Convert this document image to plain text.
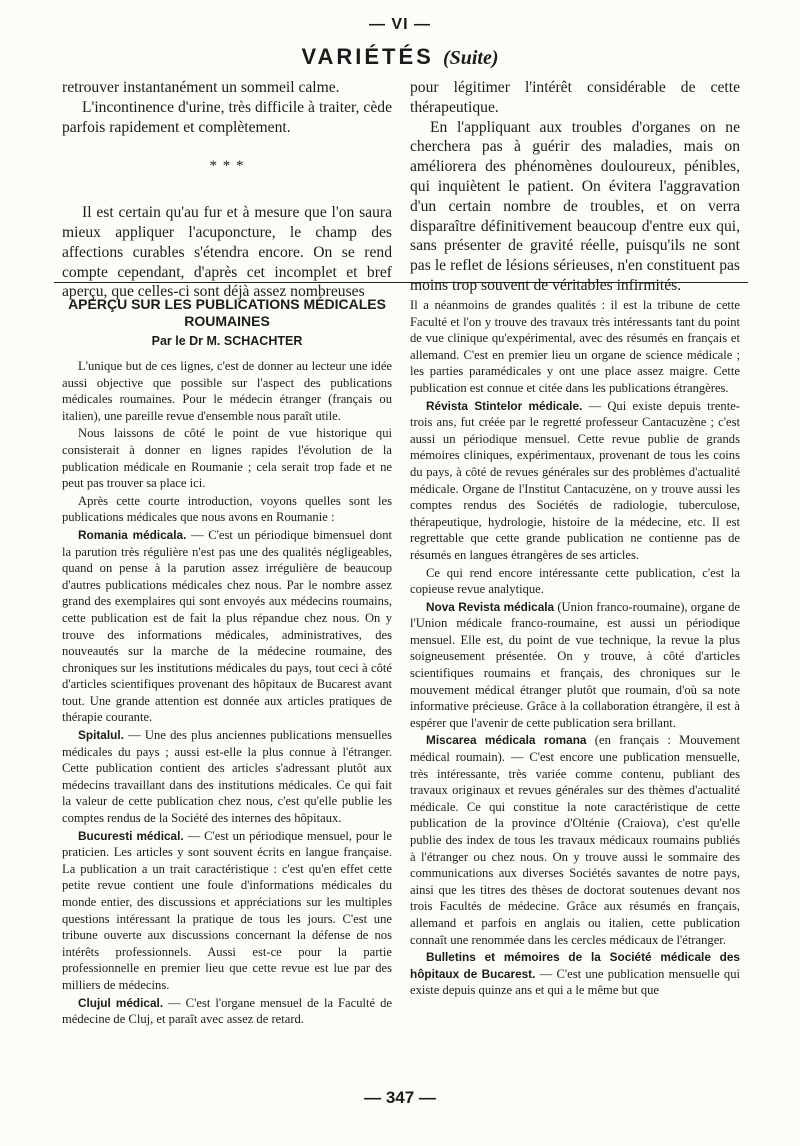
— VI —
VARIÉTÉS (Suite)

retrouver instantanément un sommeil calme.

L'incontinence d'urine, très difficile à traiter, cède parfois rapidement et complètement.

* * *

Il est certain qu'au fur et à mesure que l'on saura mieux appliquer l'acuponcture, le champ des affections curables s'étendra encore. On se rend compte cependant, d'après cet incomplet et bref aperçu, que celles-ci sont déjà assez nombreuses

pour légitimer l'intérêt considérable de cette thérapeutique.

En l'appliquant aux troubles d'organes on ne cherchera pas à guérir des maladies, mais on améliorera des phénomènes douloureux, pénibles, qui inquiètent le patient. On évitera l'aggravation d'un certain nombre de troubles, et on verra disparaître définitivement beaucoup d'entre eux qui, sans présenter de gravité réelle, puisqu'ils ne sont pas le reflet de lésions sérieuses, n'en constituent pas moins trop souvent de véritables infirmités.

APERÇU SUR LES PUBLICATIONS MÉDICALES ROUMAINES
Par le Dr M. SCHACHTER

L'unique but de ces lignes, c'est de donner au lecteur une idée aussi objective que possible sur l'aspect des publications médicales roumaines. Pour le médecin étranger (français ou italien), une pareille revue d'ensemble nous paraît utile.

Nous laissons de côté le point de vue historique qui consisterait à donner en lignes rapides l'évolution de la publication médicale en Roumanie ; cela serait trop fade et ne peut pas trouver sa place ici.

Après cette courte introduction, voyons quelles sont les publications médicales que nous avons en Roumanie :

Romania médicala. — C'est un périodique bimensuel dont la parution très régulière n'est pas une des qualités négligeables, quand on pense à la parution assez irrégulière de beaucoup d'autres publications médicales chez nous. Par le nombre assez grand des exemplaires qui sont envoyés aux médecins roumains, cette publication est de fait la plus répandue chez nous. On y trouve des informations médicales, administratives, des nouveautés sur la marche de la médecine roumaine, des chroniques sur les institutions médicales du pays, tout ceci à côté d'articles scientifiques provenant des hôpitaux de Bucarest avant tout. Une grande attention est donnée aux articles pratiques de thérapie courante.

Spitalul. — Une des plus anciennes publications mensuelles médicales du pays ; aussi est-elle la plus connue à l'étranger. Cette publication contient des articles s'adressant plutôt aux médecins travaillant dans des institutions médicales. Ce qui fait la valeur de cette publication chez nous, c'est qu'elle publie les comptes rendus de la Société des internes des hôpitaux.

Bucuresti médical. — C'est un périodique mensuel, pour le praticien. Les articles y sont souvent écrits en langue française. La publication a un trait caractéristique : c'est qu'en effet cette petite revue contient une foule d'informations médicales du monde entier, des discussions et appréciations sur les multiples questions intéressant la pratique de tous les jours. C'est une tribune ouverte aux discussions concernant la défense de nos intérêts professionnels. Aussi est-ce pour la partie professionnelle en premier lieu que cette revue est lue par des milliers de médecins.

Clujul médical. — C'est l'organe mensuel de la Faculté de médecine de Cluj, et paraît avec assez de retard.

Il a néanmoins de grandes qualités : il est la tribune de cette Faculté et l'on y trouve des travaux très intéressants tant du point de vue clinique qu'expérimental, avec des résumés en français et allemand. C'est en premier lieu un organe de science médicale ; les parties paramédicales y ont une place assez maigre. Cette publication est connue et citée dans les publications étrangères.

Révista Stintelor médicale. — Qui existe depuis trente-trois ans, fut créée par le regretté professeur Cantacuzène ; c'est aussi un périodique mensuel. Cette revue publie de grands mémoires cliniques, expérimentaux, provenant de tous les coins du pays, à côté de revues générales sur des problèmes d'actualité médicale. Organe de l'Institut Cantacuzène, on y trouve aussi les comptes rendus des Sociétés de radiologie, tuberculose, thérapeutique, hydrologie, histoire de la médecine, etc. Il est regrettable que cette grande publication ne contienne pas de résumés en langues étrangères de ses articles.

Ce qui rend encore intéressante cette publication, c'est la copieuse revue analytique.

Nova Revista médicala (Union franco-roumaine), organe de l'Union médicale franco-roumaine, est aussi un périodique mensuel. Elle est, du point de vue technique, la revue la plus soigneusement présentée. On y trouve, à côté d'articles scientifiques roumains et français, des chroniques sur le mouvement médical étranger plutôt que roumain, d'où sa note informative précieuse. Grâce à la collaboration étrangère, il est à espérer que l'avenir de cette publication sera brillant.

Miscarea médicala romana (en français : Mouvement médical roumain). — C'est encore une publication mensuelle, très intéressante, très variée comme contenu, publiant des travaux originaux et revues générales sur des thèmes d'actualité médicale. Ce qui constitue la note caractéristique de cette publication de la province d'Olténie (Craiova), c'est qu'elle publie des index de tous les travaux médicaux roumains publiés à l'étranger ou chez nous. On y trouve aussi le sommaire des communications aux diverses Sociétés savantes de notre pays, ainsi que les titres des thèses de doctorat soutenues devant nos trois Facultés de médecine. Grâce aux résumés en français, allemand et parfois en anglais ou italien, cette publication connaît une renommée dans les cercles médicaux de l'étranger.

Bulletins et mémoires de la Société médicale des hôpitaux de Bucarest. — C'est une publication mensuelle qui existe depuis quinze ans et qui a le même but que

— 347 —
